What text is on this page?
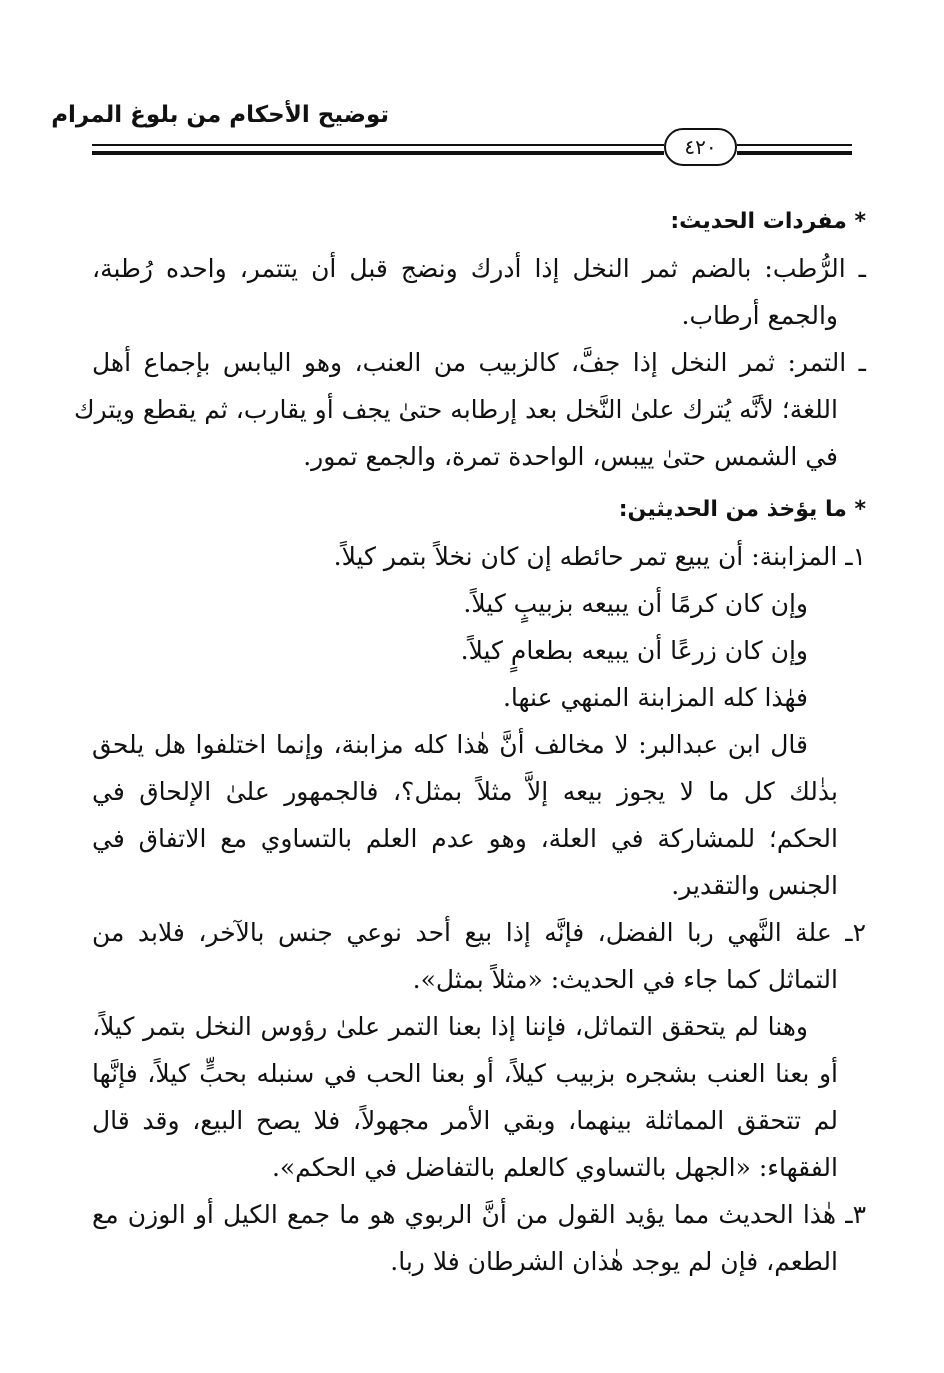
توضيح الأحكام من بلوغ المرام
٤٢٠
* مفردات الحديث:
ـ الرُّطب: بالضم ثمر النخل إذا أدرك ونضج قبل أن يتتمر، واحده رُطبة،
والجمع أرطاب.
ـ التمر: ثمر النخل إذا جفَّ، كالزبيب من العنب، وهو اليابس بإجماع أهل
اللغة؛ لأنَّه يُترك علىٰ النَّخل بعد إرطابه حتىٰ يجف أو يقارب، ثم يقطع ويترك
في الشمس حتىٰ ييبس، الواحدة تمرة، والجمع تمور.
* ما يؤخذ من الحديثين:
١ـ المزابنة: أن يبيع تمر حائطه إن كان نخلاً بتمر كيلاً.
وإن كان كرمًا أن يبيعه بزبيبٍ كيلاً.
وإن كان زرعًا أن يبيعه بطعامٍ كيلاً.
فهٰذا كله المزابنة المنهي عنها.
قال ابن عبدالبر: لا مخالف أنَّ هٰذا كله مزابنة، وإنما اختلفوا هل يلحق
بذٰلك كل ما لا يجوز بيعه إلاَّ مثلاً بمثل؟، فالجمهور علىٰ الإلحاق في
الحكم؛ للمشاركة في العلة، وهو عدم العلم بالتساوي مع الاتفاق في
الجنس والتقدير.
٢ـ علة النَّهي ربا الفضل، فإنَّه إذا بيع أحد نوعي جنس بالآخر، فلابد من
التماثل كما جاء في الحديث: «مثلاً بمثل».
وهنا لم يتحقق التماثل، فإننا إذا بعنا التمر علىٰ رؤوس النخل بتمر كيلاً،
أو بعنا العنب بشجره بزبيب كيلاً، أو بعنا الحب في سنبله بحبٍّ كيلاً، فإنَّها
لم تتحقق المماثلة بينهما، وبقي الأمر مجهولاً، فلا يصح البيع، وقد قال
الفقهاء: «الجهل بالتساوي كالعلم بالتفاضل في الحكم».
٣ـ هٰذا الحديث مما يؤيد القول من أنَّ الربوي هو ما جمع الكيل أو الوزن مع
الطعم، فإن لم يوجد هٰذان الشرطان فلا ربا.
